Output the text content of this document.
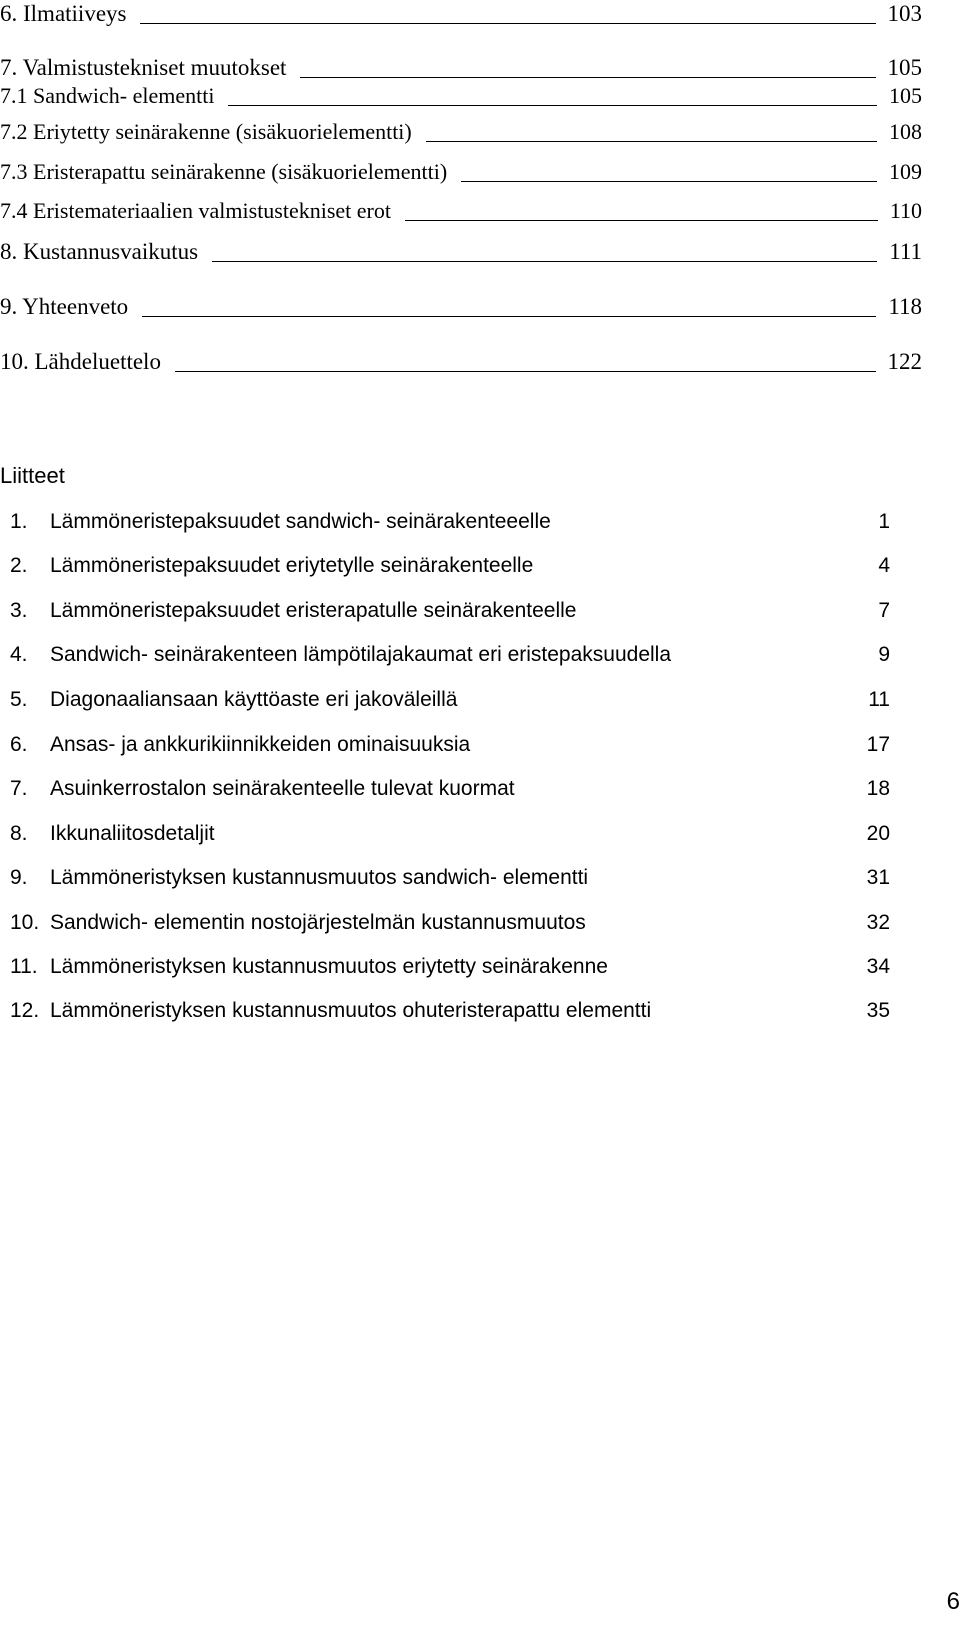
6. Ilmatiiveys	103
7. Valmistustekniset muutokset	105
7.1 Sandwich- elementti	105
7.2 Eriytetty seinärakenne (sisäkuorielementti)	108
7.3 Eristerapattu seinärakenne (sisäkuorielementti)	109
7.4 Eristemateriaalien valmistustekniset erot	110
8. Kustannusvaikutus	111
9. Yhteenveto	118
10. Lähdeluettelo	122
Liitteet
1.	Lämmöneristepaksuudet sandwich- seinärakenteeelle	1
2.	Lämmöneristepaksuudet eriytetylle seinärakenteelle	4
3.	Lämmöneristepaksuudet eristerapatulle seinärakenteelle	7
4.	Sandwich- seinärakenteen lämpötilajakaumat eri eristepaksuudella	9
5.	Diagonaaliansaan käyttöaste eri jakoväleillä	11
6.	Ansas- ja ankkurikiinnikkeiden ominaisuuksia	17
7.	Asuinkerrostalon seinärakenteelle tulevat kuormat	18
8.	Ikkunaliitosdetaljit	20
9.	Lämmöneristyksen kustannusmuutos sandwich- elementti	31
10. Sandwich- elementin nostojärjestelmän kustannusmuutos	32
11. Lämmöneristyksen kustannusmuutos eriytetty seinärakenne	34
12. Lämmöneristyksen kustannusmuutos ohuteristerapattu elementti	35
6
